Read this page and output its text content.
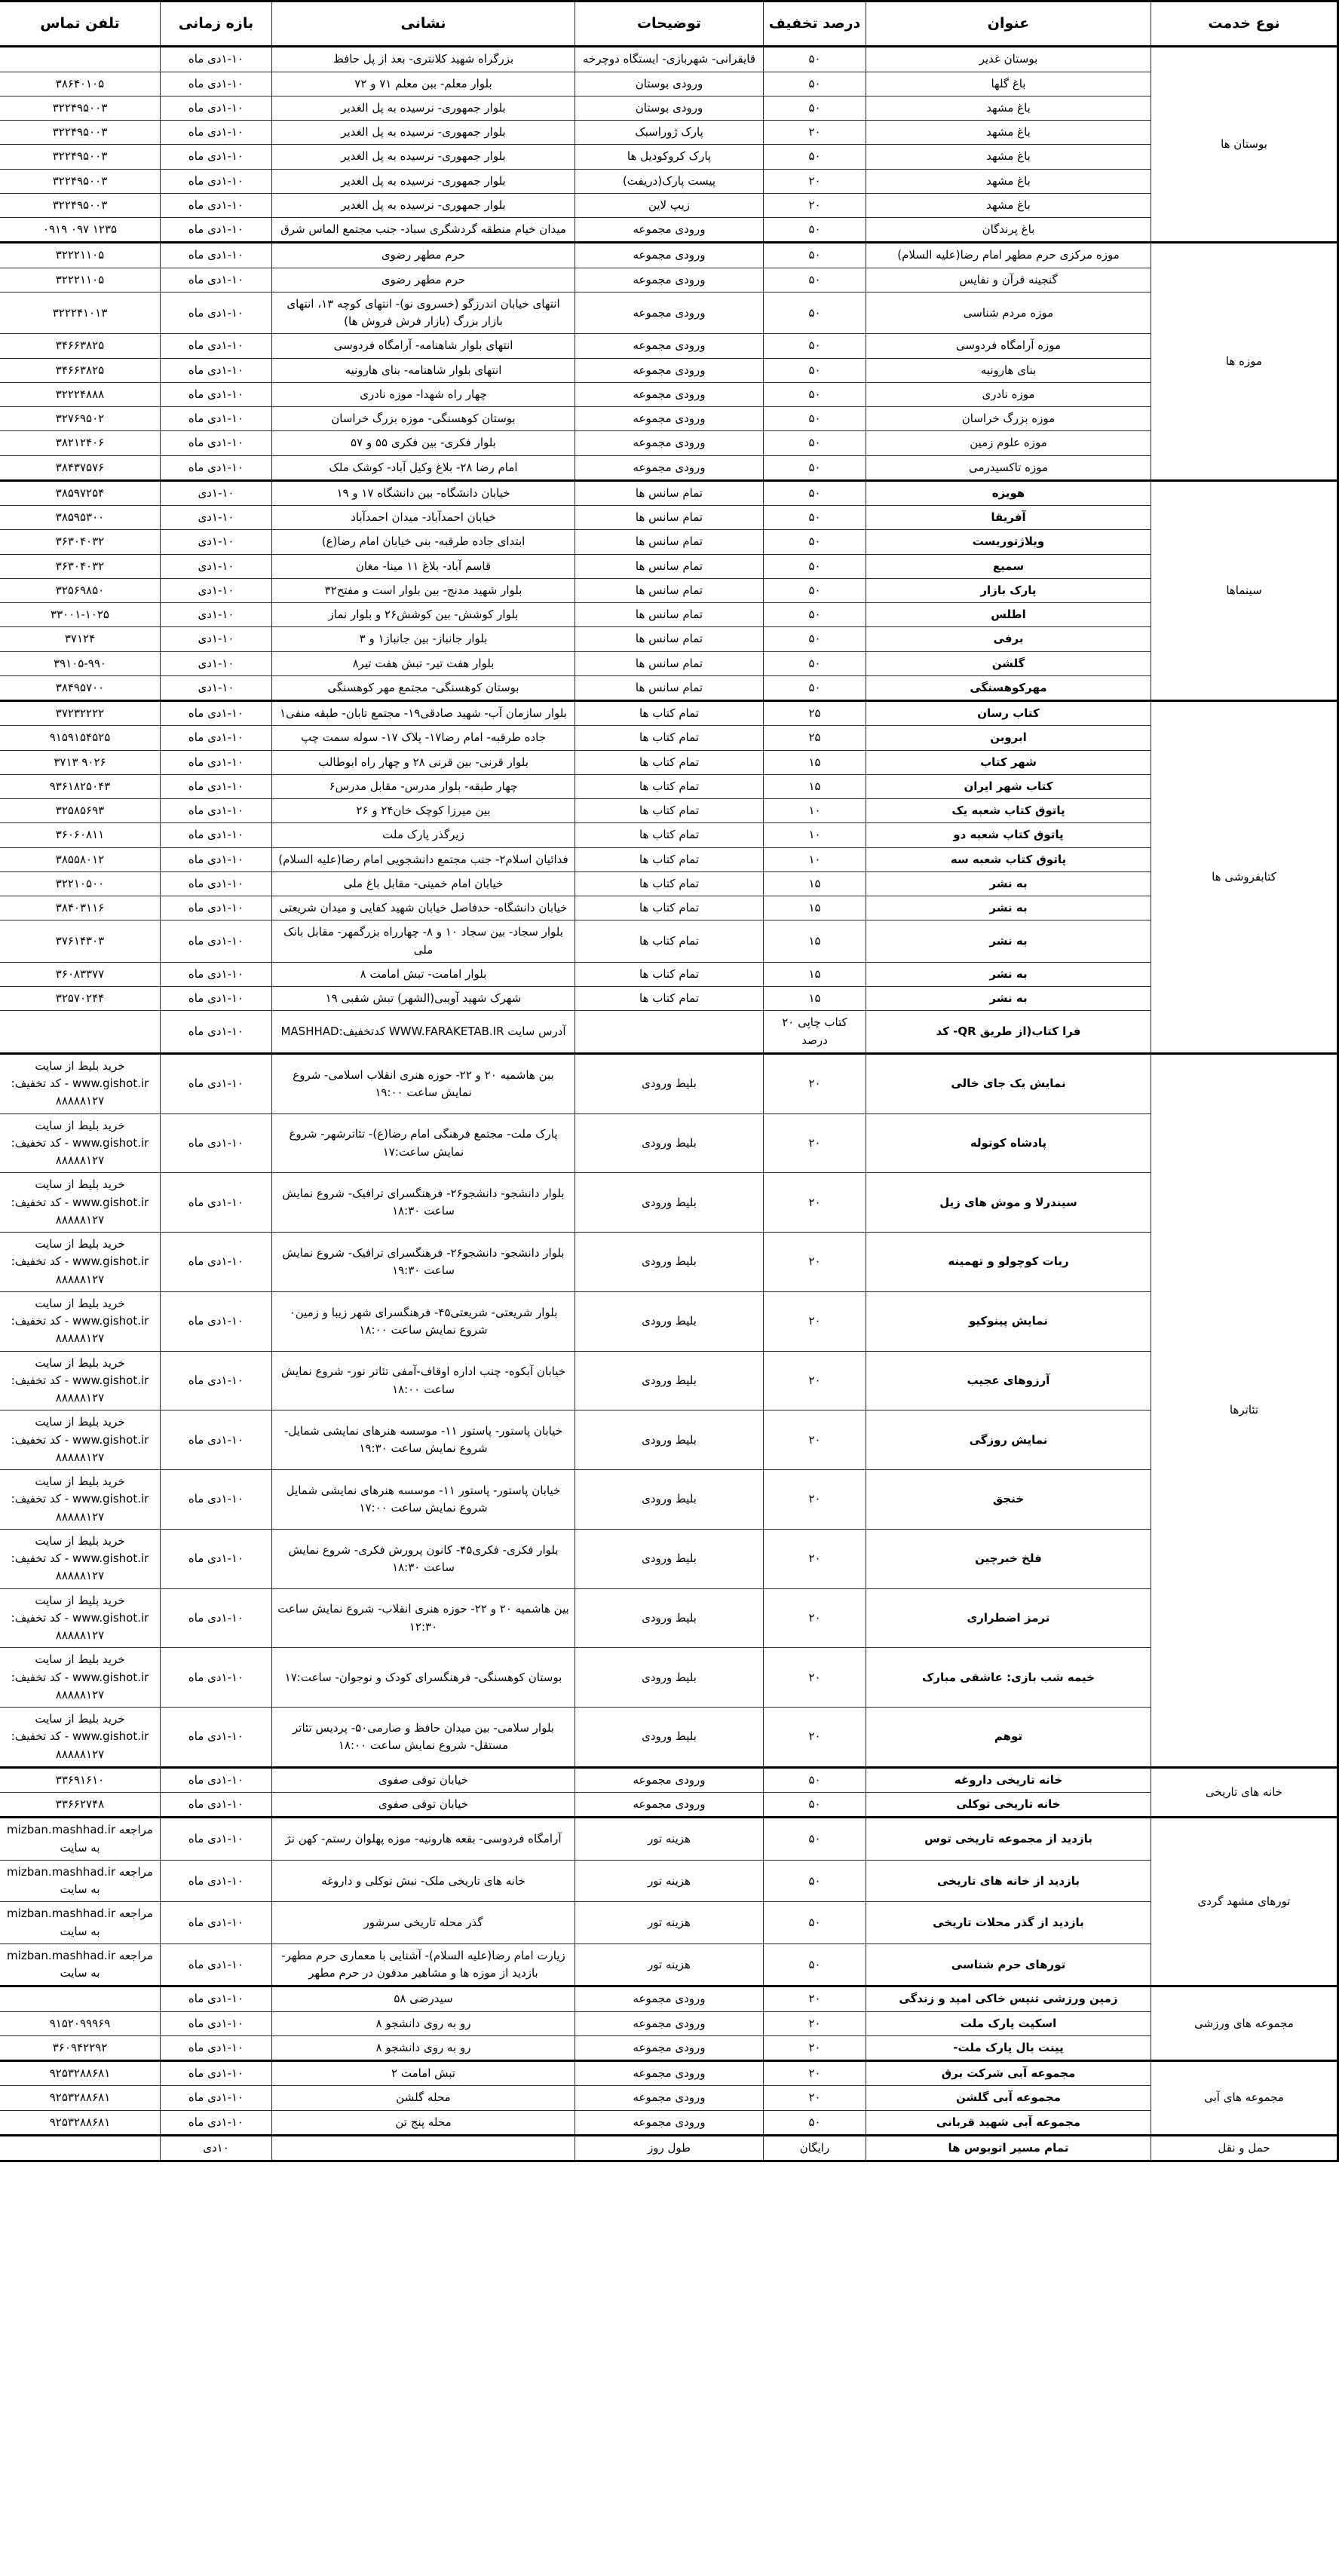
نوع خدمت	عنوان	درصد تخفیف	توضیحات	نشانی	بازه زمانی	تلفن تماس
بوستان ها	بوستان غدیر	۵۰	قایقرانی- شهربازی- ایستگاه دوچرخه	بزرگراه شهید کلانتری- بعد از پل حافظ	۱-۱۰دی ماه	
	باغ گلها	۵۰	ورودی بوستان	بلوار معلم- ببن معلم ۷۱ و ۷۲	۱-۱۰دی ماه	۳۸۶۴۰۱۰۵
	باغ مشهد	۵۰	ورودی بوستان	بلوار جمهوری- نرسیده به پل الغدیر	۱-۱۰دی ماه	۳۲۲۴۹۵۰۰۳
	باغ مشهد	۲۰	پارک ژوراسبک	بلوار جمهوری- نرسیده به پل الغدیر	۱-۱۰دی ماه	۳۲۲۴۹۵۰۰۳
	باغ مشهد	۵۰	پارک کروکودیل ها	بلوار جمهوری- نرسیده به پل الغدیر	۱-۱۰دی ماه	۳۲۲۴۹۵۰۰۳
	باغ مشهد	۲۰	پیست پارک(دریفت)	بلوار جمهوری- نرسیده به پل الغدیر	۱-۱۰دی ماه	۳۲۲۴۹۵۰۰۳
	باغ مشهد	۲۰	زیپ لاین	بلوار جمهوری- نرسیده به پل الغدیر	۱-۱۰دی ماه	۳۲۲۴۹۵۰۰۳
	باغ پرندگان	۵۰	ورودی مجموعه	میدان خیام منطقه گردشگری سباد- جنب مجتمع الماس شرق	۱-۱۰دی ماه	۰۹۱۹ ۰۹۷ ۱۲۳۵
موزه ها	موزه مرکزی حرم مطهر امام رضا(علیه السلام)	۵۰	ورودی مجموعه	حرم مطهر رضوی	۱-۱۰دی ماه	۳۲۲۲۱۱۰۵
	گنجینه قرآن و نفایس	۵۰	ورودی مجموعه	حرم مطهر رضوی	۱-۱۰دی ماه	۳۲۲۲۱۱۰۵
	موزه مردم شناسی	۵۰	ورودی مجموعه	انتهای خیابان اندرزگو (خسروی نو)- انتهای کوچه ۱۳، انتهای بازار بزرگ (بازار فرش فروش ها)	۱-۱۰دی ماه	۳۲۲۲۴۱۰۱۳
	موزه آرامگاه فردوسی	۵۰	ورودی مجموعه	انتهای بلوار شاهنامه- آرامگاه فردوسی	۱-۱۰دی ماه	۳۴۶۶۳۸۲۵
	بنای هارونیه	۵۰	ورودی مجموعه	انتهای بلوار شاهنامه- بنای هارونیه	۱-۱۰دی ماه	۳۴۶۶۳۸۲۵
	موزه نادری	۵۰	ورودی مجموعه	چهار راه شهدا- موزه نادری	۱-۱۰دی ماه	۳۲۲۲۴۸۸۸
	موزه بزرگ خراسان	۵۰	ورودی مجموعه	بوستان کوهسنگی- موزه بزرگ خراسان	۱-۱۰دی ماه	۳۲۷۶۹۵۰۲
	موزه علوم زمین	۵۰	ورودی مجموعه	بلوار فکری- بین فکری ۵۵ و ۵۷	۱-۱۰دی ماه	۳۸۲۱۲۴۰۶
	موزه تاکسیدرمی	۵۰	ورودی مجموعه	امام رضا ۲۸- بلاغ وکیل آباد- کوشک ملک	۱-۱۰دی ماه	۳۸۴۳۷۵۷۶
سینماها	هویزه	۵۰	تمام سانس ها	خیابان دانشگاه- بین دانشگاه ۱۷ و ۱۹	۱-۱۰دی	۳۸۵۹۷۲۵۴
	آفریقا	۵۰	تمام سانس ها	خیابان احمدآباد- میدان احمدآباد	۱-۱۰دی	۳۸۵۹۵۳۰۰
	ویلاژتوریست	۵۰	تمام سانس ها	ابتدای جاده طرقبه- بنی خیابان امام رضا(ع)	۱-۱۰دی	۳۶۳۰۴۰۳۲
	سمیع	۵۰	تمام سانس ها	قاسم آباد- بلاغ ۱۱ مینا- مغان	۱-۱۰دی	۳۶۳۰۴۰۳۲
	پارک بازار	۵۰	تمام سانس ها	بلوار شهید مدنج- بین بلوار است و مفتح۳۲	۱-۱۰دی	۳۲۵۶۹۸۵۰
	اطلس	۵۰	تمام سانس ها	بلوار کوشش- بین کوشش۲۶ و بلوار نماز	۱-۱۰دی	۳۳۰۰۱-۱۰۲۵
	برفی	۵۰	تمام سانس ها	بلوار جانباز- بین جانباز۱ و ۳	۱-۱۰دی	۳۷۱۲۴
	گلشن	۵۰	تمام سانس ها	بلوار هفت تیر- تبش هفت تیر۸	۱-۱۰دی	۳۹۱۰۵-۹۹۰
	مهرکوهسنگی	۵۰	تمام سانس ها	بوستان کوهسنگی- مجتمع مهر کوهسنگی	۱-۱۰دی	۳۸۴۹۵۷۰۰
کتابفروشی ها	کتاب رسان	۲۵	تمام کتاب ها	بلوار سازمان آب- شهید صادقی۱۹- مجتمع تابان- طبقه منفی۱	۱-۱۰دی ماه	۳۷۲۳۲۲۲۲
	ابروبن	۲۵	تمام کتاب ها	جاده طرقبه- امام رضا۱۷- پلاک ۱۷- سوله سمت چپ	۱-۱۰دی ماه	۹۱۵۹۱۵۴۵۲۵
	شهر کتاب	۱۵	تمام کتاب ها	بلوار قرنی- بین قرنی ۲۸ و چهار راه ابوطالب	۱-۱۰دی ماه	۳۷۱۳ ۹۰۲۶
	کتاب شهر ایران	۱۵	تمام کتاب ها	چهار طبقه- بلوار مدرس- مقابل مدرس۶	۱-۱۰دی ماه	۹۳۶۱۸۲۵۰۴۳
	پاتوق کتاب شعبه یک	۱۰	تمام کتاب ها	بین میرزا کوچک خان۲۴ و ۲۶	۱-۱۰دی ماه	۳۲۵۸۵۶۹۳
	پاتوق کتاب شعبه دو	۱۰	تمام کتاب ها	زیرگذر پارک ملت	۱-۱۰دی ماه	۳۶۰۶۰۸۱۱
	پاتوق کتاب شعبه سه	۱۰	تمام کتاب ها	فدائیان اسلام۲- جنب مجتمع دانشجویی امام رضا(علیه السلام)	۱-۱۰دی ماه	۳۸۵۵۸۰۱۲
	به نشر	۱۵	تمام کتاب ها	خیابان امام خمینی- مقابل باغ ملی	۱-۱۰دی ماه	۳۲۲۱۰۵۰۰
	به نشر	۱۵	تمام کتاب ها	خیابان دانشگاه- حدفاصل خیابان شهید کفایی و میدان شریعتی	۱-۱۰دی ماه	۳۸۴۰۳۱۱۶
	به نشر	۱۵	تمام کتاب ها	بلوار سجاد- بین سجاد ۱۰ و ۸- چهارراه بزرگمهر- مقابل بانک ملی	۱-۱۰دی ماه	۳۷۶۱۴۳۰۳
	به نشر	۱۵	تمام کتاب ها	بلوار امامت- تبش امامت ۸	۱-۱۰دی ماه	۳۶۰۸۳۳۷۷
	به نشر	۱۵	تمام کتاب ها	شهرک شهید آویبی(الشهر) تبش شقبی ۱۹	۱-۱۰دی ماه	۳۲۵۷۰۲۴۴
	فرا کتاب(از طریق QR- کد	کتاب چاپی ۲۰ درصد		آدرس سایت WWW.FARAKETAB.IR کدتخفیف:MASHHAD	۱-۱۰دی ماه	
تئاترها	نمایش یک جای خالی	۲۰	بلیط ورودی	ببن هاشمیه ۲۰ و ۲۲- حوزه هنری انقلاب اسلامی- شروع نمایش ساعت ۱۹:۰۰	۱-۱۰دی ماه	خرید بلیط از سایت www.gishot.ir - کد تخفیف: ۸۸۸۸۸۱۲۷
	پادشاه کوتوله	۲۰	بلیط ورودی	پارک ملت- مجتمع فرهنگی امام رضا(ع)- تئاترشهر- شروع نمایش ساعت:۱۷	۱-۱۰دی ماه	خرید بلیط از سایت www.gishot.ir - کد تخفیف: ۸۸۸۸۸۱۲۷
	سیندرلا و موش های زیل	۲۰	بلیط ورودی	بلوار دانشجو- دانشجو۲۶- فرهنگسرای ترافیک- شروع نمایش ساعت ۱۸:۳۰	۱-۱۰دی ماه	خرید بلیط از سایت www.gishot.ir - کد تخفیف: ۸۸۸۸۸۱۲۷
	ربات کوچولو و تهمینه	۲۰	بلیط ورودی	بلوار دانشجو- دانشجو۲۶- فرهنگسرای ترافیک- شروع نمایش ساعت ۱۹:۳۰	۱-۱۰دی ماه	خرید بلیط از سایت www.gishot.ir - کد تخفیف: ۸۸۸۸۸۱۲۷
	نمایش پینوکیو	۲۰	بلیط ورودی	بلوار شریعتی- شریعتی۴۵- فرهنگسرای شهر زیبا و زمین۰ شروع نمایش ساعت ۱۸:۰۰	۱-۱۰دی ماه	خرید بلیط از سایت www.gishot.ir - کد تخفیف: ۸۸۸۸۸۱۲۷
	آرزوهای عجیب	۲۰	بلیط ورودی	خیابان آبکوه- چنب اداره اوقاف-آمفی تئاتر نور- شروع نمایش ساعت ۱۸:۰۰	۱-۱۰دی ماه	خرید بلیط از سایت www.gishot.ir - کد تخفیف: ۸۸۸۸۸۱۲۷
	نمایش روزگی	۲۰	بلیط ورودی	خیابان پاستور- پاستور ۱۱- موسسه هنرهای نمایشی شمایل- شروع نمایش ساعت ۱۹:۳۰	۱-۱۰دی ماه	خرید بلیط از سایت www.gishot.ir - کد تخفیف: ۸۸۸۸۸۱۲۷
	خنجق	۲۰	بلیط ورودی	خیابان پاستور- پاستور ۱۱- موسسه هنرهای نمایشی شمایل شروع نمایش ساعت ۱۷:۰۰	۱-۱۰دی ماه	خرید بلیط از سایت www.gishot.ir - کد تخفیف: ۸۸۸۸۸۱۲۷
	فلخ خبرچین	۲۰	بلیط ورودی	بلوار فکری- فکری۴۵- کانون پرورش فکری- شروع نمایش ساعت ۱۸:۳۰	۱-۱۰دی ماه	خرید بلیط از سایت www.gishot.ir - کد تخفیف: ۸۸۸۸۸۱۲۷
	ترمز اضطراری	۲۰	بلیط ورودی	بین هاشمیه ۲۰ و ۲۲- حوزه هنری انقلاب- شروع نمایش ساعت ۱۲:۳۰	۱-۱۰دی ماه	خرید بلیط از سایت www.gishot.ir - کد تخفیف: ۸۸۸۸۸۱۲۷
	خیمه شب بازی: عاشقی مبارک	۲۰	بلیط ورودی	بوستان کوهسنگی- فرهنگسرای کودک و نوجوان- ساعت:۱۷	۱-۱۰دی ماه	خرید بلیط از سایت www.gishot.ir - کد تخفیف: ۸۸۸۸۸۱۲۷
	توهم	۲۰	بلیط ورودی	بلوار سلامی- بین میدان حافظ و صارمی۵۰- پردیس تئاتر مستقل- شروع نمایش ساعت ۱۸:۰۰	۱-۱۰دی ماه	خرید بلیط از سایت www.gishot.ir - کد تخفیف: ۸۸۸۸۸۱۲۷
خانه های تاریخی	خانه تاریخی داروغه	۵۰	ورودی مجموعه	خیابان توفی صفوی	۱-۱۰دی ماه	۳۳۶۹۱۶۱۰
	خانه تاریخی توکلی	۵۰	ورودی مجموعه	خیابان توفی صفوی	۱-۱۰دی ماه	۳۳۶۶۲۷۴۸
تورهای مشهد گردی	بازدید از مجموعه تاریخی توس	۵۰	هزینه تور	آرامگاه فردوسی- بقعه هارونیه- موزه پهلوان رستم- کهن نژ	۱-۱۰دی ماه	mizban.mashhad.ir مراجعه به سایت
	بازدید از خانه های تاریخی	۵۰	هزینه تور	خانه های تاریخی ملک- نبش توکلی و داروغه	۱-۱۰دی ماه	mizban.mashhad.ir مراجعه به سایت
	بازدید از گذر محلات تاریخی	۵۰	هزینه تور	گذر محله تاریخی سرشور	۱-۱۰دی ماه	mizban.mashhad.ir مراجعه به سایت
	تورهای حرم شناسی	۵۰	هزینه تور	زیارت امام رضا(علیه السلام)- آشنایی با معماری حرم مطهر- بازدید از موزه ها و مشاهیر مدفون در حرم مطهر	۱-۱۰دی ماه	mizban.mashhad.ir مراجعه به سایت
مجموعه های ورزشی	زمین ورزشی تنیس خاکی امید و زندگی	۲۰	ورودی مجموعه	سیدرضی ۵۸	۱-۱۰دی ماه	
	اسکیت پارک ملت	۲۰	ورودی مجموعه	رو به روی دانشجو ۸	۱-۱۰دی ماه	۹۱۵۲۰۹۹۹۶۹
	پینت بال پارک ملت-	۲۰	ورودی مجموعه	رو به روی دانشجو ۸	۱-۱۰دی ماه	۳۶۰۹۴۲۲۹۲
مجموعه های آبی	مجموعه آبی شرکت برق	۲۰	ورودی مجموعه	تبش امامت ۲	۱-۱۰دی ماه	۹۲۵۳۲۸۸۶۸۱
	مجموعه آبی گلشن	۲۰	ورودی مجموعه	محله گلشن	۱-۱۰دی ماه	۹۲۵۳۲۸۸۶۸۱
	مجموعه آبی شهید قربانی	۵۰	ورودی مجموعه	محله پنج تن	۱-۱۰دی ماه	۹۲۵۳۲۸۸۶۸۱
حمل و نقل	تمام مسیر اتوبوس ها	رایگان	طول روز		۱۰دی	
